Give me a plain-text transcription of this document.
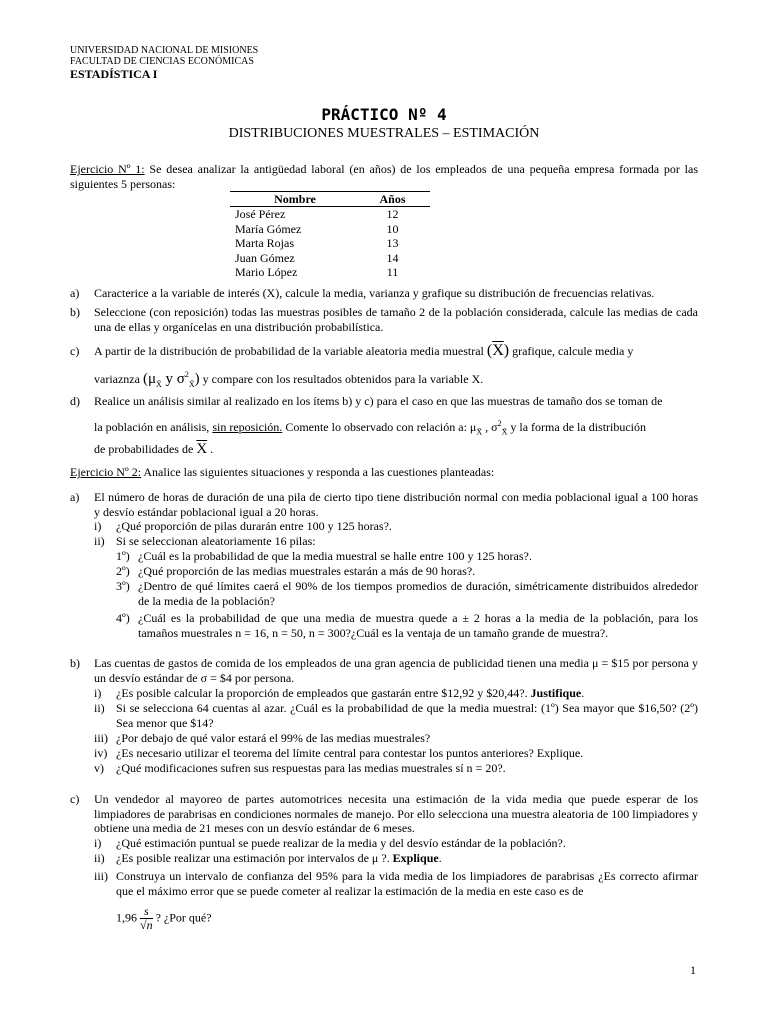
UNIVERSIDAD NACIONAL DE MISIONES
FACULTAD DE CIENCIAS ECONÓMICAS
ESTADÍSTICA I
PRÁCTICO Nº 4
DISTRIBUCIONES MUESTRALES – ESTIMACIÓN
Ejercicio Nº 1: Se desea analizar la antigüedad laboral (en años) de los empleados de una pequeña empresa formada por las siguientes 5 personas:
Nombre	Años
José Pérez	12
María Gómez	10
Marta Rojas	13
Juan Gómez	14
Mario López	11
a) Caracterice a la variable de interés (X), calcule la media, varianza y grafique su distribución de frecuencias relativas.
b) Seleccione (con reposición) todas las muestras posibles de tamaño 2 de la población considerada, calcule las medias de cada una de ellas y organícelas en una distribución probabilística.
c) A partir de la distribución de probabilidad de la variable aleatoria media muestral $(\overline{X})$ grafique, calcule media y
variaznza ($\mu_{X̄}$ y $\sigma^2_{X̄}$) y compare con los resultados obtenidos para la variable X.
d) Realice un análisis similar al realizado en los ítems b) y c) para el caso en que las muestras de tamaño dos se toman de
la población en análisis, sin reposición. Comente lo observado con relación a: $\mu_{X̄}$ , $\sigma^2_{X̄}$ y la forma de la distribución
de probabilidades de $\overline{X}$ .
Ejercicio Nº 2: Analice las siguientes situaciones y responda a las cuestiones planteadas:
a) El número de horas de duración de una pila de cierto tipo tiene distribución normal con media poblacional igual a 100 horas y desvío estándar poblacional igual a 20 horas.
i) ¿Qué proporción de pilas durarán entre 100 y 125 horas?.
ii) Si se seleccionan aleatoriamente 16 pilas:
1º) ¿Cuál es la probabilidad de que la media muestral se halle entre 100 y 125 horas?.
2º) ¿Qué proporción de las medias muestrales estarán a más de 90 horas?.
3º) ¿Dentro de qué límites caerá el 90% de los tiempos promedios de duración, simétricamente distribuidos alrededor de la media de la población?
4º) ¿Cuál es la probabilidad de que una media de muestra quede a ± 2 horas a la media de la población, para los tamaños muestrales n = 16, n = 50, n = 300?¿Cuál es la ventaja de un tamaño grande de muestra?.
b) Las cuentas de gastos de comida de los empleados de una gran agencia de publicidad tienen una media μ = $15 por persona y un desvío estándar de σ = $4 por persona.
i) ¿Es posible calcular la proporción de empleados que gastarán entre $12,92 y $20,44?. Justifique.
ii) Si se selecciona 64 cuentas al azar. ¿Cuál es la probabilidad de que la media muestral: (1º) Sea mayor que $16,50? (2º) Sea menor que $14?
iii) ¿Por debajo de qué valor estará el 99% de las medias muestrales?
iv) ¿Es necesario utilizar el teorema del límite central para contestar los puntos anteriores? Explique.
v) ¿Qué modificaciones sufren sus respuestas para las medias muestrales sí n = 20?.
c) Un vendedor al mayoreo de partes automotrices necesita una estimación de la vida media que puede esperar de los limpiadores de parabrisas en condiciones normales de manejo. Por ello selecciona una muestra aleatoria de 100 limpiadores y obtiene una media de 21 meses con un desvío estándar de 6 meses.
i) ¿Qué estimación puntual se puede realizar de la media y del desvío estándar de la población?.
ii) ¿Es posible realizar una estimación por intervalos de μ ?. Explique.
iii) Construya un intervalo de confianza del 95% para la vida media de los limpiadores de parabrisas ¿Es correcto afirmar que el máximo error que se puede cometer al realizar la estimación de la media en este caso es de
$1,96 \frac{s}{√n}$ ? ¿Por qué?
1
